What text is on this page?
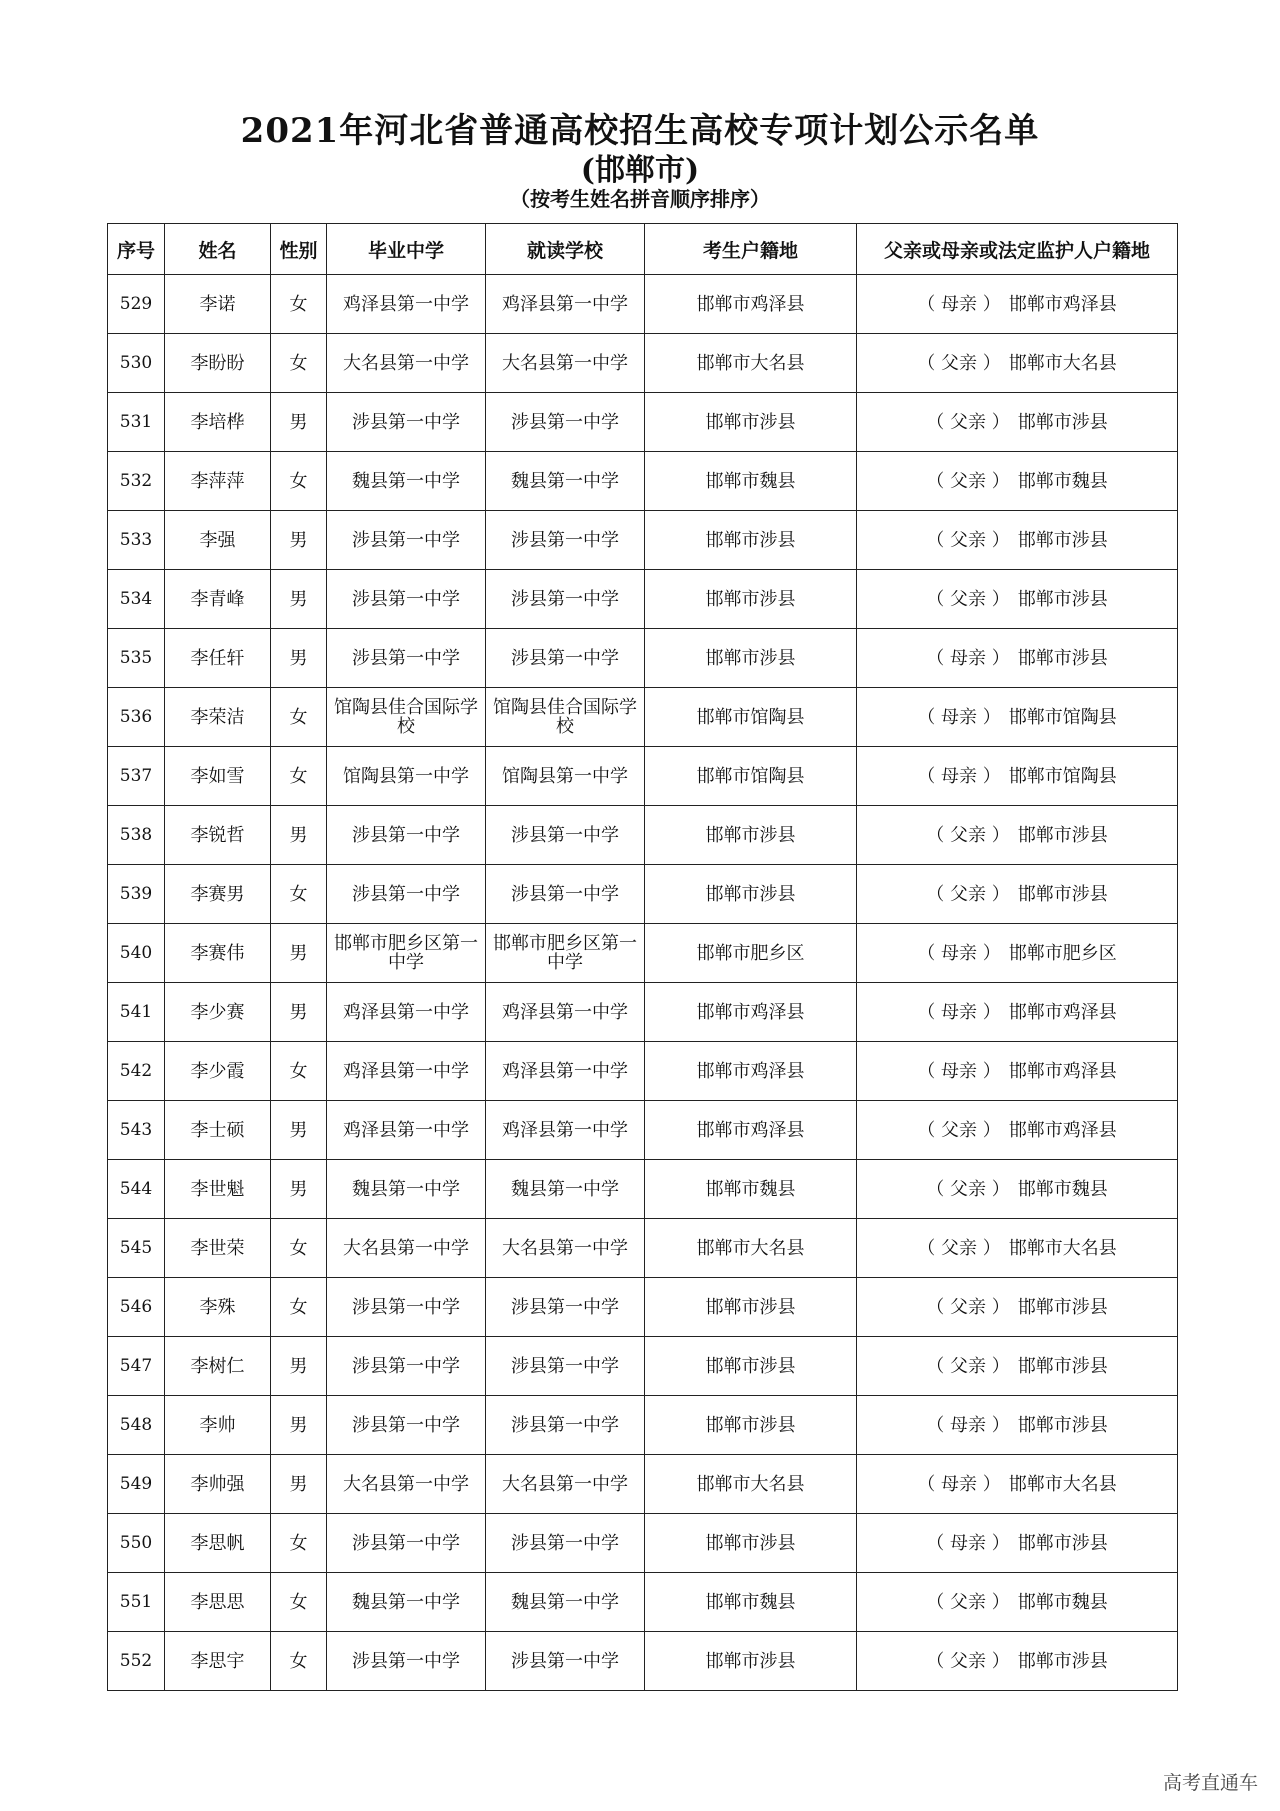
2021年河北省普通高校招生高校专项计划公示名单
(邯郸市)
（按考生姓名拼音顺序排序）
序号	姓名	性别	毕业中学	就读学校	考生户籍地	父亲或母亲或法定监护人户籍地
529	李诺	女	鸡泽县第一中学	鸡泽县第一中学	邯郸市鸡泽县	（ 母亲 ） 邯郸市鸡泽县
530	李盼盼	女	大名县第一中学	大名县第一中学	邯郸市大名县	（ 父亲 ） 邯郸市大名县
531	李培桦	男	涉县第一中学	涉县第一中学	邯郸市涉县	（ 父亲 ） 邯郸市涉县
532	李萍萍	女	魏县第一中学	魏县第一中学	邯郸市魏县	（ 父亲 ） 邯郸市魏县
533	李强	男	涉县第一中学	涉县第一中学	邯郸市涉县	（ 父亲 ） 邯郸市涉县
534	李青峰	男	涉县第一中学	涉县第一中学	邯郸市涉县	（ 父亲 ） 邯郸市涉县
535	李任轩	男	涉县第一中学	涉县第一中学	邯郸市涉县	（ 母亲 ） 邯郸市涉县
536	李荣洁	女	馆陶县佳合国际学校	馆陶县佳合国际学校	邯郸市馆陶县	（ 母亲 ） 邯郸市馆陶县
537	李如雪	女	馆陶县第一中学	馆陶县第一中学	邯郸市馆陶县	（ 母亲 ） 邯郸市馆陶县
538	李锐哲	男	涉县第一中学	涉县第一中学	邯郸市涉县	（ 父亲 ） 邯郸市涉县
539	李赛男	女	涉县第一中学	涉县第一中学	邯郸市涉县	（ 父亲 ） 邯郸市涉县
540	李赛伟	男	邯郸市肥乡区第一中学	邯郸市肥乡区第一中学	邯郸市肥乡区	（ 母亲 ） 邯郸市肥乡区
541	李少赛	男	鸡泽县第一中学	鸡泽县第一中学	邯郸市鸡泽县	（ 母亲 ） 邯郸市鸡泽县
542	李少霞	女	鸡泽县第一中学	鸡泽县第一中学	邯郸市鸡泽县	（ 母亲 ） 邯郸市鸡泽县
543	李士硕	男	鸡泽县第一中学	鸡泽县第一中学	邯郸市鸡泽县	（ 父亲 ） 邯郸市鸡泽县
544	李世魁	男	魏县第一中学	魏县第一中学	邯郸市魏县	（ 父亲 ） 邯郸市魏县
545	李世荣	女	大名县第一中学	大名县第一中学	邯郸市大名县	（ 父亲 ） 邯郸市大名县
546	李殊	女	涉县第一中学	涉县第一中学	邯郸市涉县	（ 父亲 ） 邯郸市涉县
547	李树仁	男	涉县第一中学	涉县第一中学	邯郸市涉县	（ 父亲 ） 邯郸市涉县
548	李帅	男	涉县第一中学	涉县第一中学	邯郸市涉县	（ 母亲 ） 邯郸市涉县
549	李帅强	男	大名县第一中学	大名县第一中学	邯郸市大名县	（ 母亲 ） 邯郸市大名县
550	李思帆	女	涉县第一中学	涉县第一中学	邯郸市涉县	（ 母亲 ） 邯郸市涉县
551	李思思	女	魏县第一中学	魏县第一中学	邯郸市魏县	（ 父亲 ） 邯郸市魏县
552	李思宇	女	涉县第一中学	涉县第一中学	邯郸市涉县	（ 父亲 ） 邯郸市涉县
高考直通车
